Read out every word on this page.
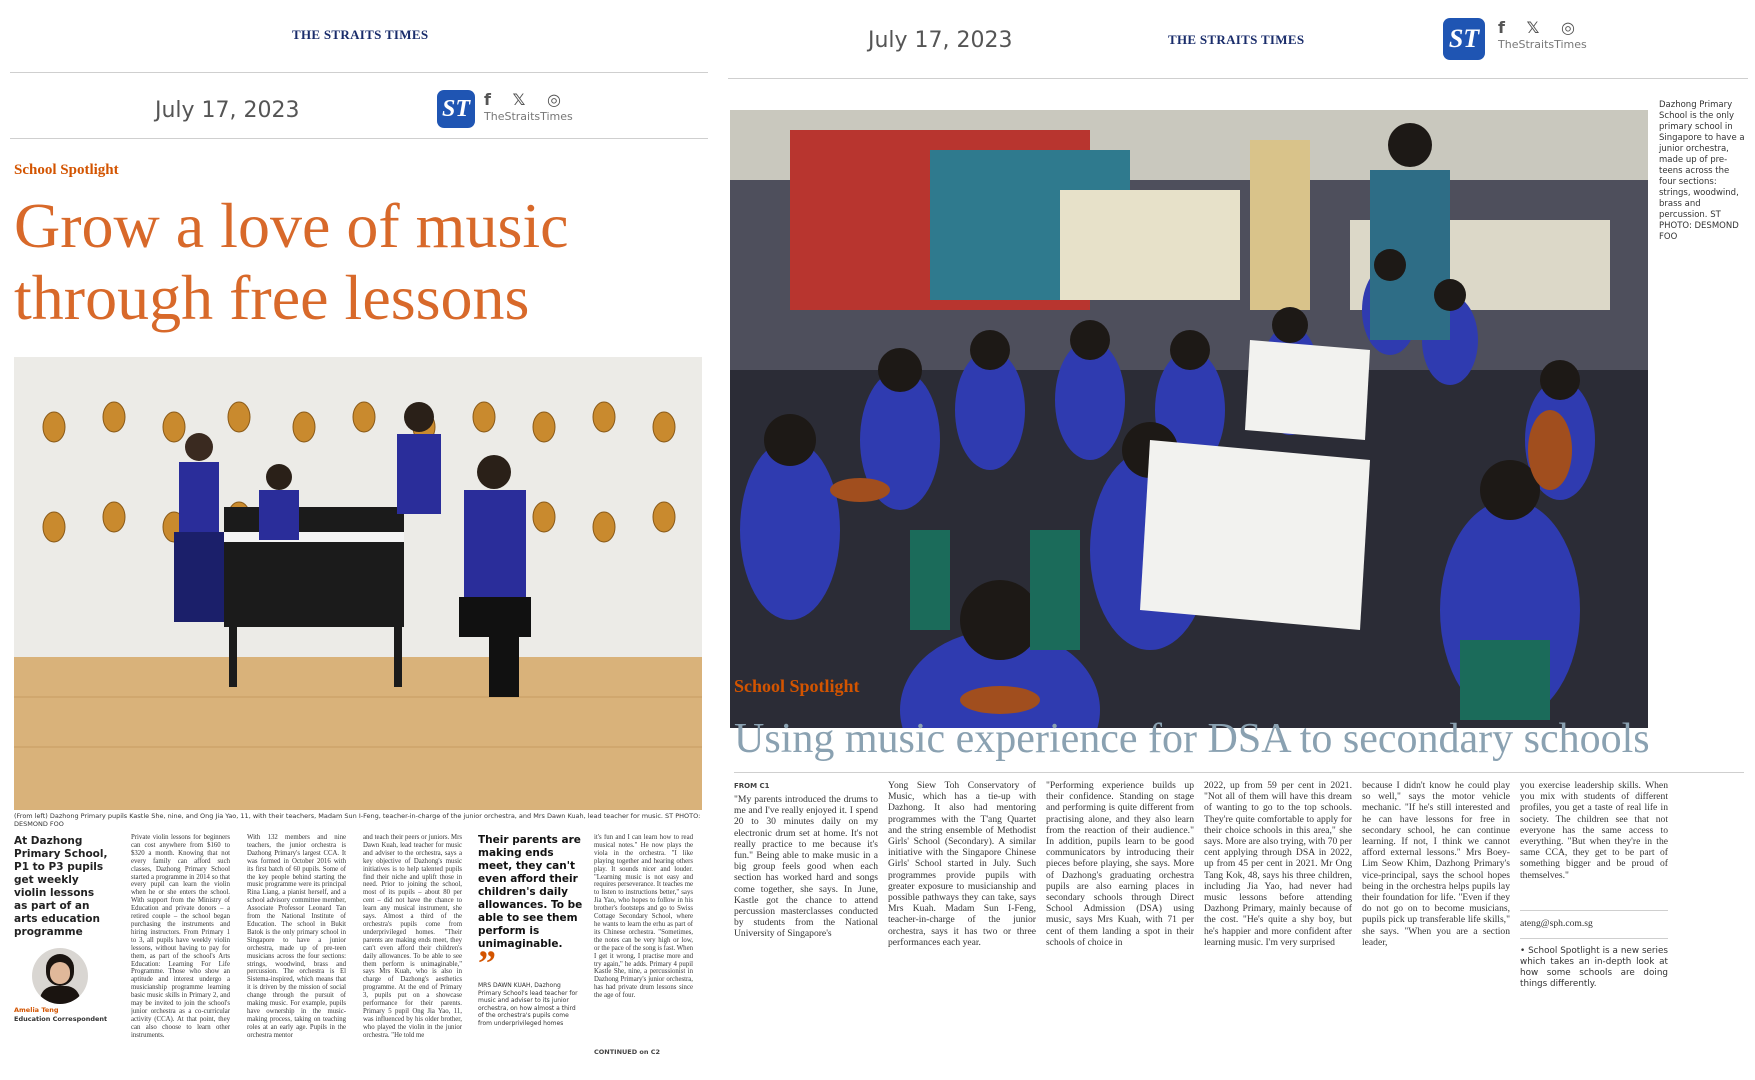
THE STRAITS TIMES
July 17, 2023	ST f 𝕏 ◎
TheStraitsTimes
School Spotlight
Grow a love of music through free lessons
(From left) Dazhong Primary pupils Kastle She, nine, and Ong Jia Yao, 11, with their teachers, Madam Sun I-Feng, teacher-in-charge of the junior orchestra, and Mrs Dawn Kuah, lead teacher for music. ST PHOTO: DESMOND FOO
At Dazhong Primary School, P1 to P3 pupils get weekly violin lessons as part of an arts education programme
Amelia Teng
Education Correspondent
Private violin lessons for beginners can cost anywhere from $160 to $320 a month. Knowing that not every family can afford such classes, Dazhong Primary School started a programme in 2014 so that every pupil can learn the violin when he or she enters the school. With support from the Ministry of Education and private donors – a retired couple – the school began purchasing the instruments and hiring instructors. From Primary 1 to 3, all pupils have weekly violin lessons, without having to pay for them, as part of the school's Arts Education: Learning For Life Programme. Those who show an aptitude and interest undergo a musicianship programme learning basic music skills in Primary 2, and may be invited to join the school's junior orchestra as a co-curricular activity (CCA). At that point, they can also choose to learn other instruments.
With 132 members and nine teachers, the junior orchestra is Dazhong Primary's largest CCA. It was formed in October 2016 with its first batch of 60 pupils. Some of the key people behind starting the music programme were its principal Rina Liang, a pianist herself, and a school advisory committee member, Associate Professor Leonard Tan from the National Institute of Education. The school in Bukit Batok is the only primary school in Singapore to have a junior orchestra, made up of pre-teen musicians across the four sections: strings, woodwind, brass and percussion. The orchestra is El Sistema-inspired, which means that it is driven by the mission of social change through the pursuit of making music. For example, pupils have ownership in the music-making process, taking on teaching roles at an early age. Pupils in the orchestra mentor
and teach their peers or juniors. Mrs Dawn Kuah, lead teacher for music and adviser to the orchestra, says a key objective of Dazhong's music initiatives is to help talented pupils find their niche and uplift those in need. Prior to joining the school, most of its pupils – about 80 per cent – did not have the chance to learn any musical instrument, she says. Almost a third of the orchestra's pupils come from underprivileged homes. "Their parents are making ends meet, they can't even afford their children's daily allowances. To be able to see them perform is unimaginable," says Mrs Kuah, who is also in charge of Dazhong's aesthetics programme. At the end of Primary 3, pupils put on a showcase performance for their parents. Primary 5 pupil Ong Jia Yao, 11, was influenced by his older brother, who played the violin in the junior orchestra. "He told me
Their parents are making ends meet, they can't even afford their children's daily allowances. To be able to see them perform is unimaginable.
”
MRS DAWN KUAH, Dazhong Primary School's lead teacher for music and adviser to its junior orchestra, on how almost a third of the orchestra's pupils come from underprivileged homes
it's fun and I can learn how to read musical notes." He now plays the viola in the orchestra. "I like playing together and hearing others play. It sounds nicer and louder. "Learning music is not easy and requires perseverance. It teaches me to listen to instructions better," says Jia Yao, who hopes to follow in his brother's footsteps and go to Swiss Cottage Secondary School, where he wants to learn the erhu as part of its Chinese orchestra. "Sometimes, the notes can be very high or low, or the pace of the song is fast. When I get it wrong, I practise more and try again," he adds. Primary 4 pupil Kastle She, nine, a percussionist in Dazhong Primary's junior orchestra, has had private drum lessons since the age of four.
CONTINUED on C2
July 17, 2023	THE STRAITS TIMES	ST	f 𝕏 ◎
TheStraitsTimes
Dazhong Primary School is the only primary school in Singapore to have a junior orchestra, made up of pre-teens across the four sections: strings, woodwind, brass and percussion. ST PHOTO: DESMOND FOO
School Spotlight
Using music experience for DSA to secondary schools
FROM C1
"My parents introduced the drums to me and I've really enjoyed it. I spend 20 to 30 minutes daily on my electronic drum set at home. It's not really practice to me because it's fun." Being able to make music in a big group feels good when each section has worked hard and songs come together, she says. In June, Kastle got the chance to attend percussion masterclasses conducted by students from the National University of Singapore's
Yong Siew Toh Conservatory of Music, which has a tie-up with Dazhong. It also had mentoring programmes with the T'ang Quartet and the string ensemble of Methodist Girls' School (Secondary). A similar initiative with the Singapore Chinese Girls' School started in July. Such programmes provide pupils with greater exposure to musicianship and possible pathways they can take, says Mrs Kuah. Madam Sun I-Feng, teacher-in-charge of the junior orchestra, says it has two or three performances each year.
"Performing experience builds up their confidence. Standing on stage and performing is quite different from practising alone, and they also learn from the reaction of their audience." In addition, pupils learn to be good communicators by introducing their pieces before playing, she says. More of Dazhong's graduating orchestra pupils are also earning places in secondary schools through Direct School Admission (DSA) using music, says Mrs Kuah, with 71 per cent of them landing a spot in their schools of choice in
2022, up from 59 per cent in 2021. "Not all of them will have this dream of wanting to go to the top schools. They're quite comfortable to apply for their choice schools in this area," she says. More are also trying, with 70 per cent applying through DSA in 2022, up from 45 per cent in 2021. Mr Ong Tang Kok, 48, says his three children, including Jia Yao, had never had music lessons before attending Dazhong Primary, mainly because of the cost. "He's quite a shy boy, but he's happier and more confident after learning music. I'm very surprised
because I didn't know he could play so well," says the motor vehicle mechanic. "If he's still interested and he can have lessons for free in secondary school, he can continue learning. If not, I think we cannot afford external lessons." Mrs Boey-Lim Seow Khim, Dazhong Primary's vice-principal, says the school hopes being in the orchestra helps pupils lay their foundation for life. "Even if they do not go on to become musicians, pupils pick up transferable life skills," she says. "When you are a section leader,
you exercise leadership skills. When you mix with students of different profiles, you get a taste of real life in society. The children see that not everyone has the same access to everything. "But when they're in the same CCA, they get to be part of something bigger and be proud of themselves."
ateng@sph.com.sg
• School Spotlight is a new series which takes an in-depth look at how some schools are doing things differently.
